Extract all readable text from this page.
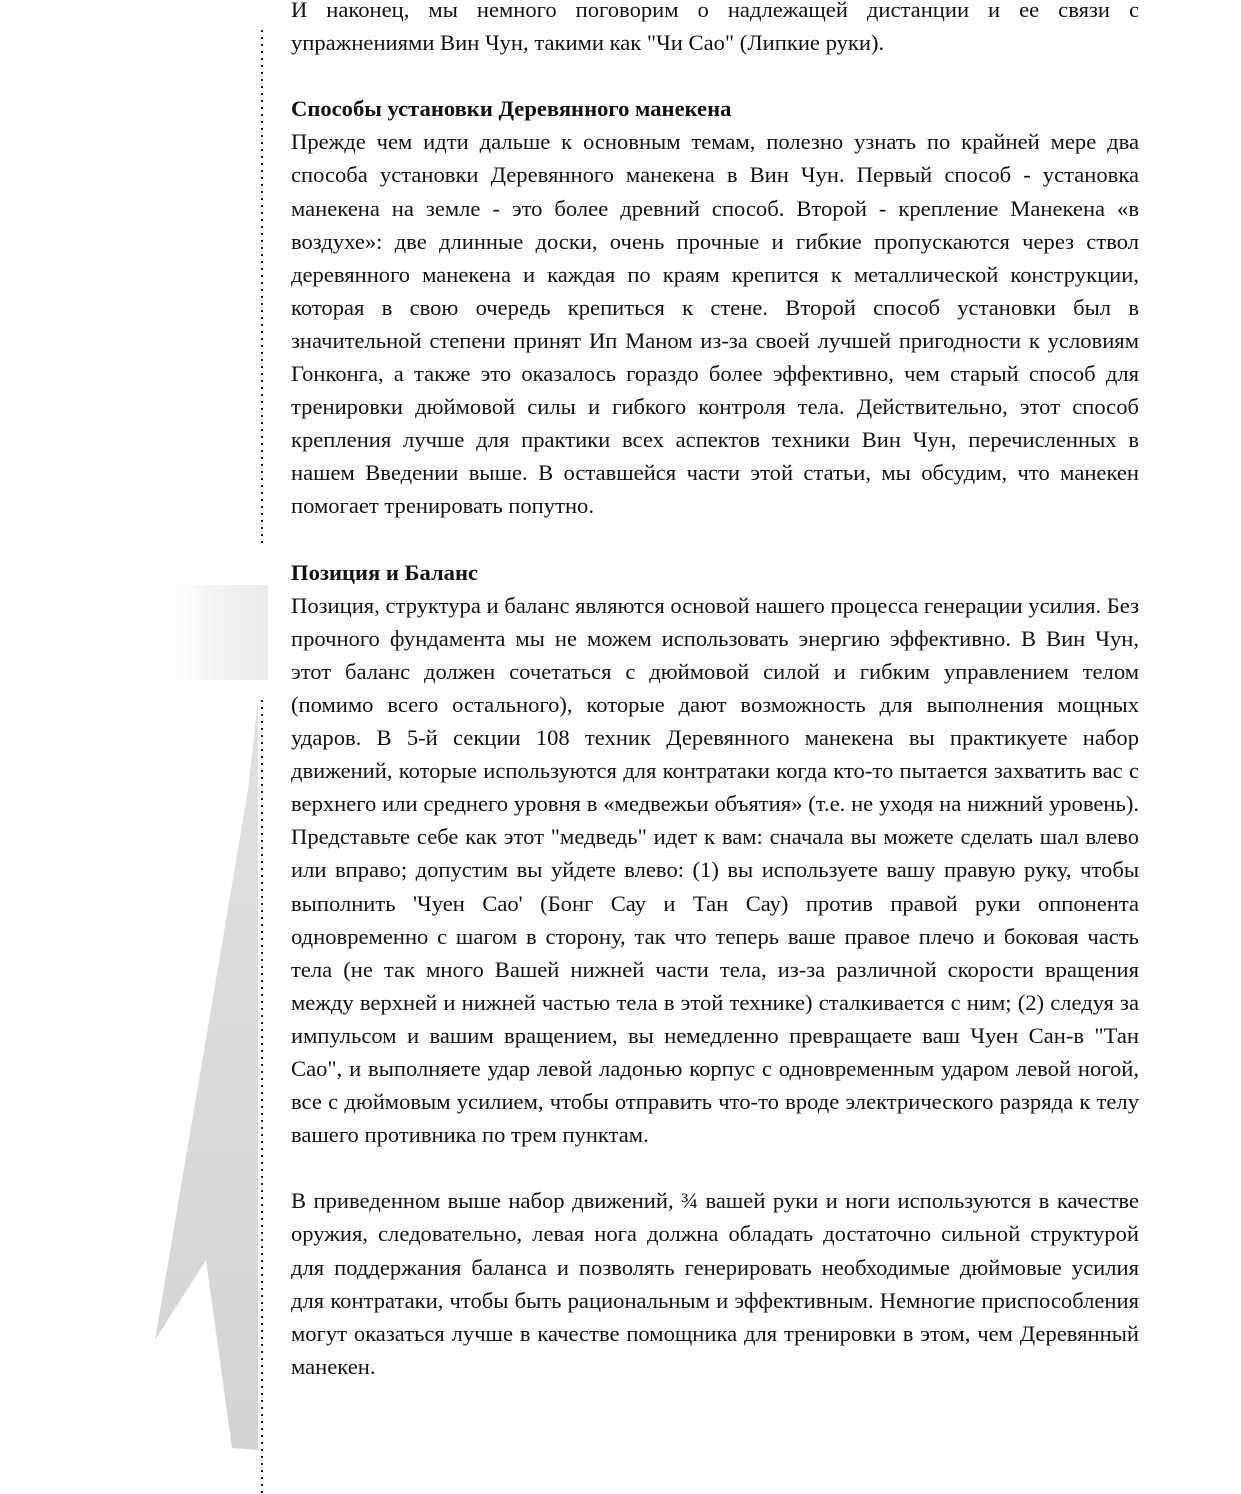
И наконец, мы немного поговорим о надлежащей дистанции и ее связи с упражнениями Вин Чун, такими как "Чи Сао" (Липкие руки).

Способы установки Деревянного манекена

Прежде чем идти дальше к основным темам, полезно узнать по крайней мере два способа установки Деревянного манекена в Вин Чун. Первый способ - установка манекена на земле - это более древний способ. Второй - крепление Манекена «в воздухе»: две длинные доски, очень прочные и гибкие пропускаются через ствол деревянного манекена и каждая по краям крепится к металлической конструкции, которая в свою очередь крепиться к стене. Второй способ установки был в значительной степени принят Ип Маном из-за своей лучшей пригодности к условиям Гонконга, а также это оказалось гораздо более эффективно, чем старый способ для тренировки дюймовой силы и гибкого контроля тела. Действительно, этот способ крепления лучше для практики всех аспектов техники Вин Чун, перечисленных в нашем Введении выше. В оставшейся части этой статьи, мы обсудим, что манекен помогает тренировать попутно.

Позиция и Баланс

Позиция, структура и баланс являются основой нашего процесса генерации усилия. Без прочного фундамента мы не можем использовать энергию эффективно. В Вин Чун, этот баланс должен сочетаться с дюймовой силой и гибким управлением телом (помимо всего остального), которые дают возможность для выполнения мощных ударов. В 5-й секции 108 техник Деревянного манекена вы практикуете набор движений, которые используются для контратаки когда кто-то пытается захватить вас с верхнего или среднего уровня в «медвежьи объятия» (т.е. не уходя на нижний уровень). Представьте себе как этот "медведь" идет к вам: сначала вы можете сделать шал влево или вправо; допустим вы уйдете влево: (1) вы используете вашу правую руку, чтобы выполнить 'Чуен Сао' (Бонг Сау и Тан Сау) против правой руки оппонента одновременно с шагом в сторону, так что теперь ваше правое плечо и боковая часть тела (не так много Вашей нижней части тела, из-за различной скорости вращения между верхней и нижней частью тела в этой технике) сталкивается с ним; (2) следуя за импульсом и вашим вращением, вы немедленно превращаете ваш Чуен Сан-в "Тан Сао", и выполняете удар левой ладонью корпус с одновременным ударом левой ногой, все с дюймовым усилием, чтобы отправить что-то вроде электрического разряда к телу вашего противника по трем пунктам.

В приведенном выше набор движений, ¾ вашей руки и ноги используются в качестве оружия, следовательно, левая нога должна обладать достаточно сильной структурой для поддержания баланса и позволять генерировать необходимые дюймовые усилия для контратаки, чтобы быть рациональным и эффективным. Немногие приспособления могут оказаться лучше в качестве помощника для тренировки в этом, чем Деревянный манекен.
